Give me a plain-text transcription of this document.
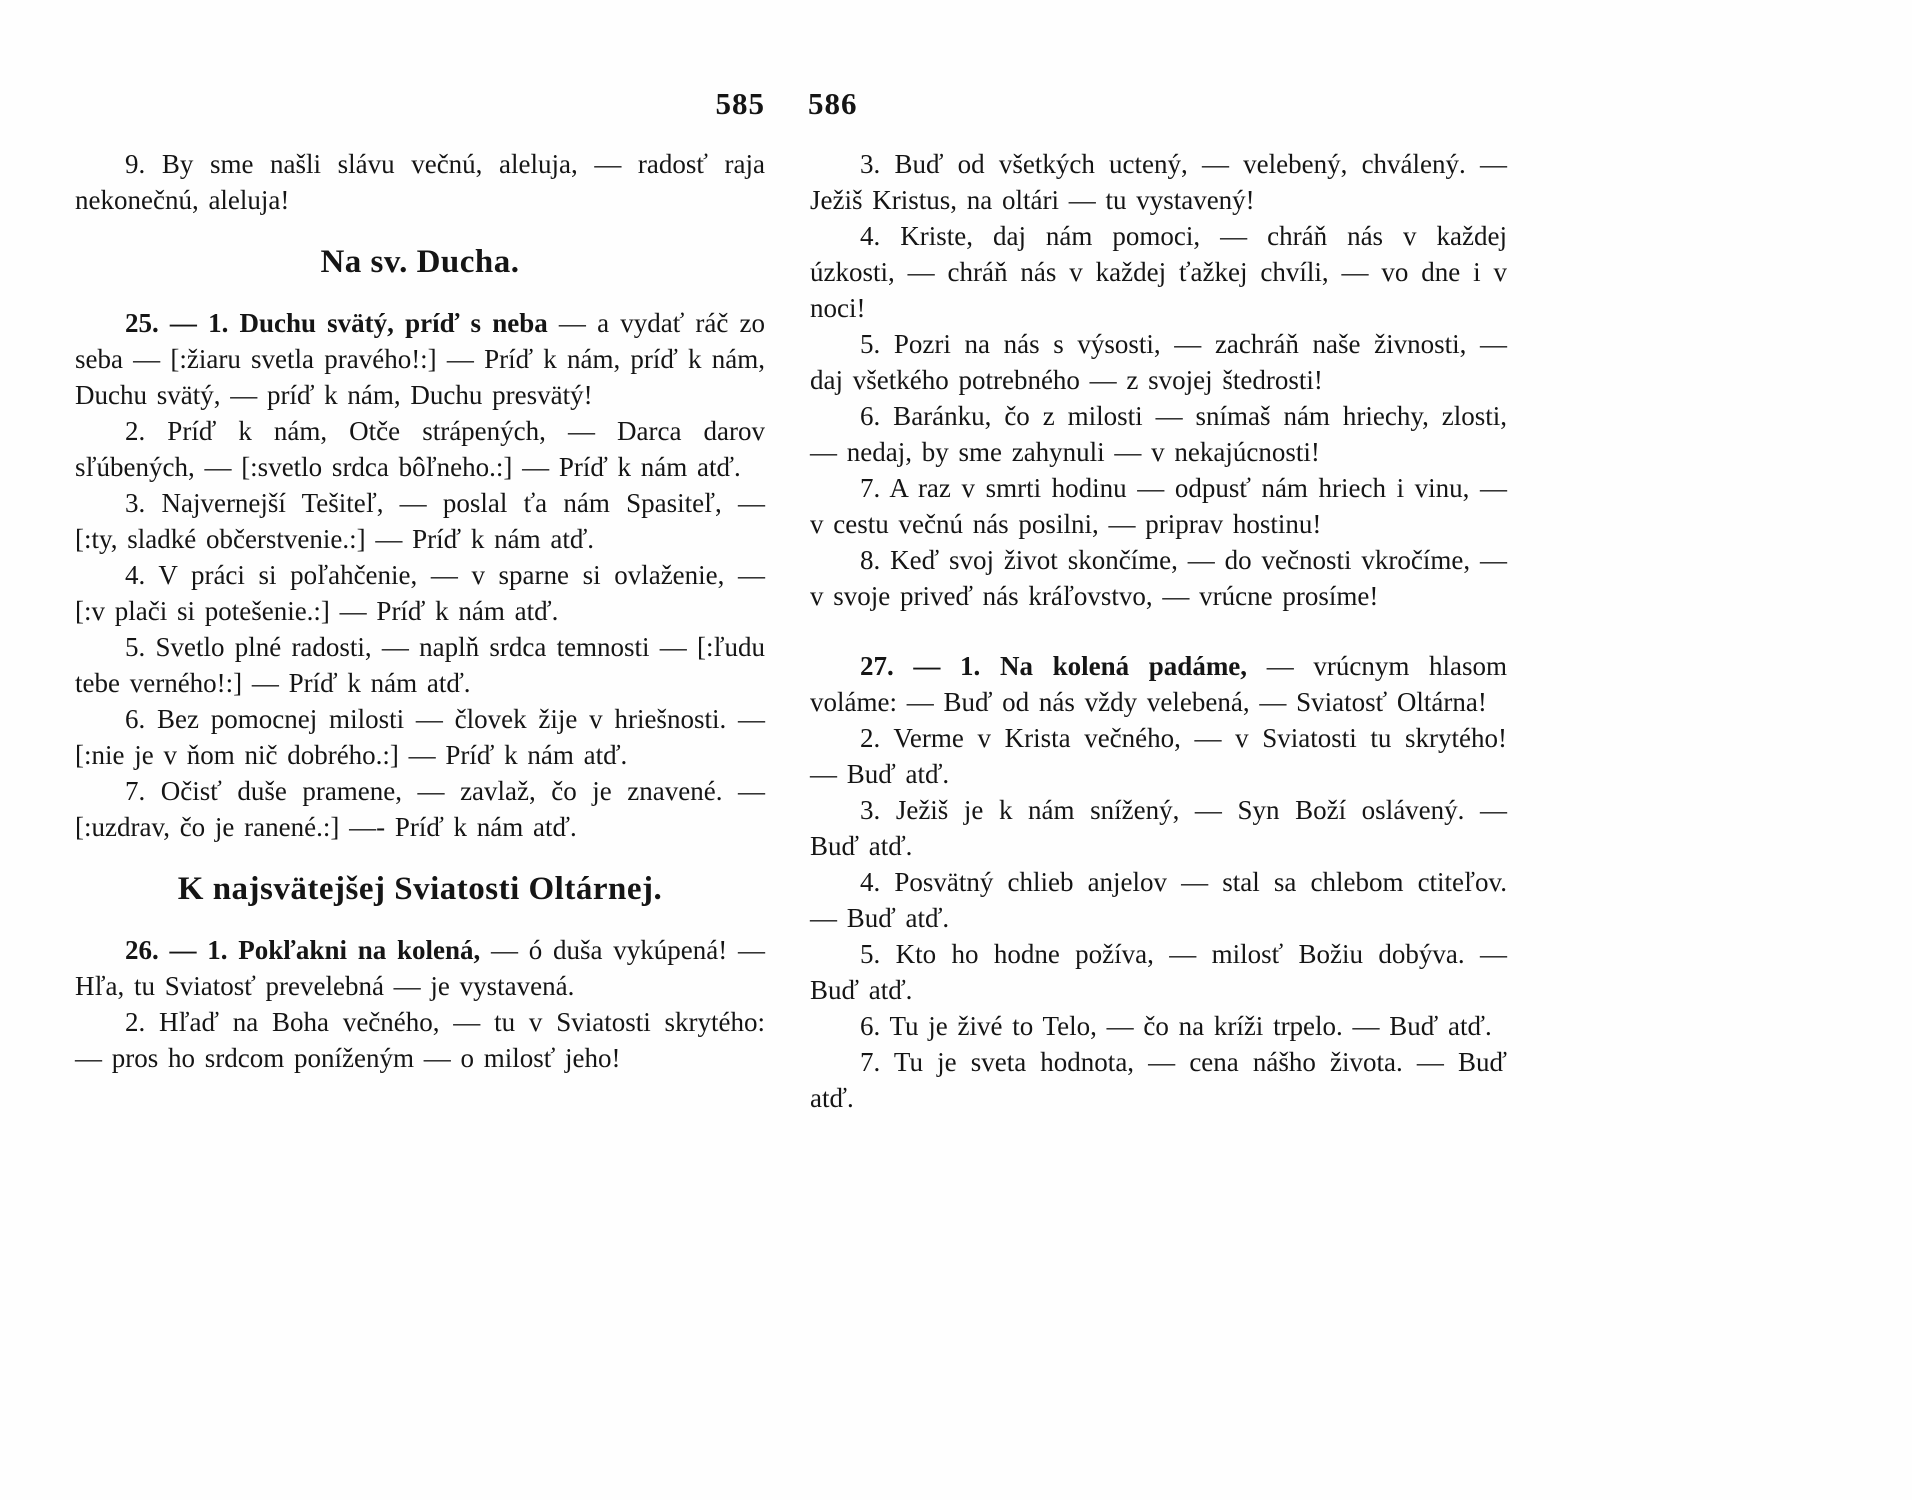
585 586

9. By sme našli slávu večnú, aleluja, — radosť raja nekonečnú, aleluja!

Na sv. Ducha.

25. — 1. Duchu svätý, príď s neba — a vydať ráč zo seba — [:žiaru svetla pravého!:] — Príď k nám, príď k nám, Duchu svätý, — príď k nám, Duchu presvätý!

2. Príď k nám, Otče strápených, — Darca darov sľúbených, — [:svetlo srdca bôľneho.:] — Príď k nám atď.

3. Najvernejší Tešiteľ, — poslal ťa nám Spasiteľ, — [:ty, sladké občerstvenie.:] — Príď k nám atď.

4. V práci si poľahčenie, — v sparne si ovlaženie, — [:v plači si potešenie.:] — Príď k nám atď.

5. Svetlo plné radosti, — naplň srdca temnosti — [:ľudu tebe verného!:] — Príď k nám atď.

6. Bez pomocnej milosti — človek žije v hriešnosti. — [:nie je v ňom nič dobrého.:] — Príď k nám atď.

7. Očisť duše pramene, — zavlaž, čo je znavené. — [:uzdrav, čo je ranené.:] —- Príď k nám atď.

K najsvätejšej Sviatosti Oltárnej.

26. — 1. Pokľakni na kolená, — ó duša vykúpená! — Hľa, tu Sviatosť prevelebná — je vystavená.

2. Hľaď na Boha večného, — tu v Sviatosti skrytého: — pros ho srdcom poníženým — o milosť jeho!

3. Buď od všetkých uctený, — velebený, chválený. — Ježiš Kristus, na oltári — tu vystavený!

4. Kriste, daj nám pomoci, — chráň nás v každej úzkosti, — chráň nás v každej ťažkej chvíli, — vo dne i v noci!

5. Pozri na nás s výsosti, — zachráň naše živnosti, — daj všetkého potrebného — z svojej štedrosti!

6. Baránku, čo z milosti — snímaš nám hriechy, zlosti, — nedaj, by sme zahynuli — v nekajúcnosti!

7. A raz v smrti hodinu — odpusť nám hriech i vinu, — v cestu večnú nás posilni, — priprav hostinu!

8. Keď svoj život skončíme, — do večnosti vkročíme, — v svoje priveď nás kráľovstvo, — vrúcne prosíme!

27. — 1. Na kolená padáme, — vrúcnym hlasom voláme: — Buď od nás vždy velebená, — Sviatosť Oltárna!

2. Verme v Krista večného, — v Sviatosti tu skrytého! — Buď atď.

3. Ježiš je k nám snížený, — Syn Boží oslávený. — Buď atď.

4. Posvätný chlieb anjelov — stal sa chlebom ctiteľov. — Buď atď.

5. Kto ho hodne požíva, — milosť Božiu dobýva. — Buď atď.

6. Tu je živé to Telo, — čo na kríži trpelo. — Buď atď.

7. Tu je sveta hodnota, — cena nášho života. — Buď atď.
